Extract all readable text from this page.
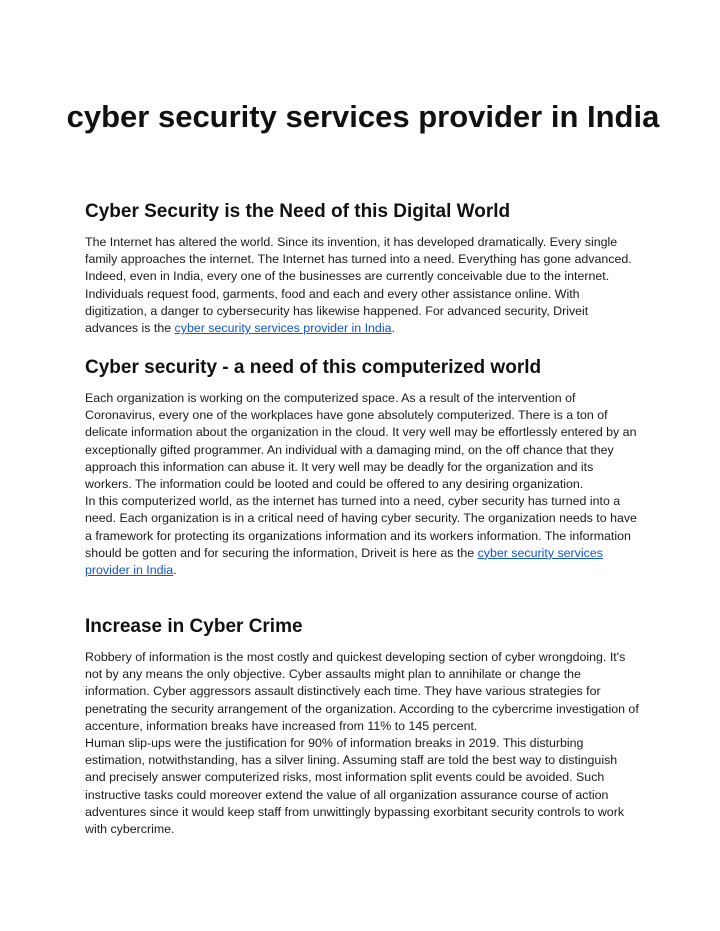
cyber security services provider in India
Cyber Security is the Need of this Digital World

The Internet has altered the world. Since its invention, it has developed dramatically. Every single family approaches the internet. The Internet has turned into a need. Everything has gone advanced. Indeed, even in India, every one of the businesses are currently conceivable due to the internet. Individuals request food, garments, food and each and every other assistance online. With digitization, a danger to cybersecurity has likewise happened. For advanced security, Driveit advances is the cyber security services provider in India.

Cyber security - a need of this computerized world

Each organization is working on the computerized space. As a result of the intervention of Coronavirus, every one of the workplaces have gone absolutely computerized. There is a ton of delicate information about the organization in the cloud. It very well may be effortlessly entered by an exceptionally gifted programmer. An individual with a damaging mind, on the off chance that they approach this information can abuse it. It very well may be deadly for the organization and its workers. The information could be looted and could be offered to any desiring organization.

In this computerized world, as the internet has turned into a need, cyber security has turned into a need. Each organization is in a critical need of having cyber security. The organization needs to have a framework for protecting its organizations information and its workers information. The information should be gotten and for securing the information, Driveit is here as the cyber security services provider in India.

Increase in Cyber Crime

Robbery of information is the most costly and quickest developing section of cyber wrongdoing. It's not by any means the only objective. Cyber assaults might plan to annihilate or change the information. Cyber aggressors assault distinctively each time. They have various strategies for penetrating the security arrangement of the organization. According to the cybercrime investigation of accenture, information breaks have increased from 11% to 145 percent.

Human slip-ups were the justification for 90% of information breaks in 2019. This disturbing estimation, notwithstanding, has a silver lining. Assuming staff are told the best way to distinguish and precisely answer computerized risks, most information split events could be avoided. Such instructive tasks could moreover extend the value of all organization assurance course of action adventures since it would keep staff from unwittingly bypassing exorbitant security controls to work with cybercrime.
